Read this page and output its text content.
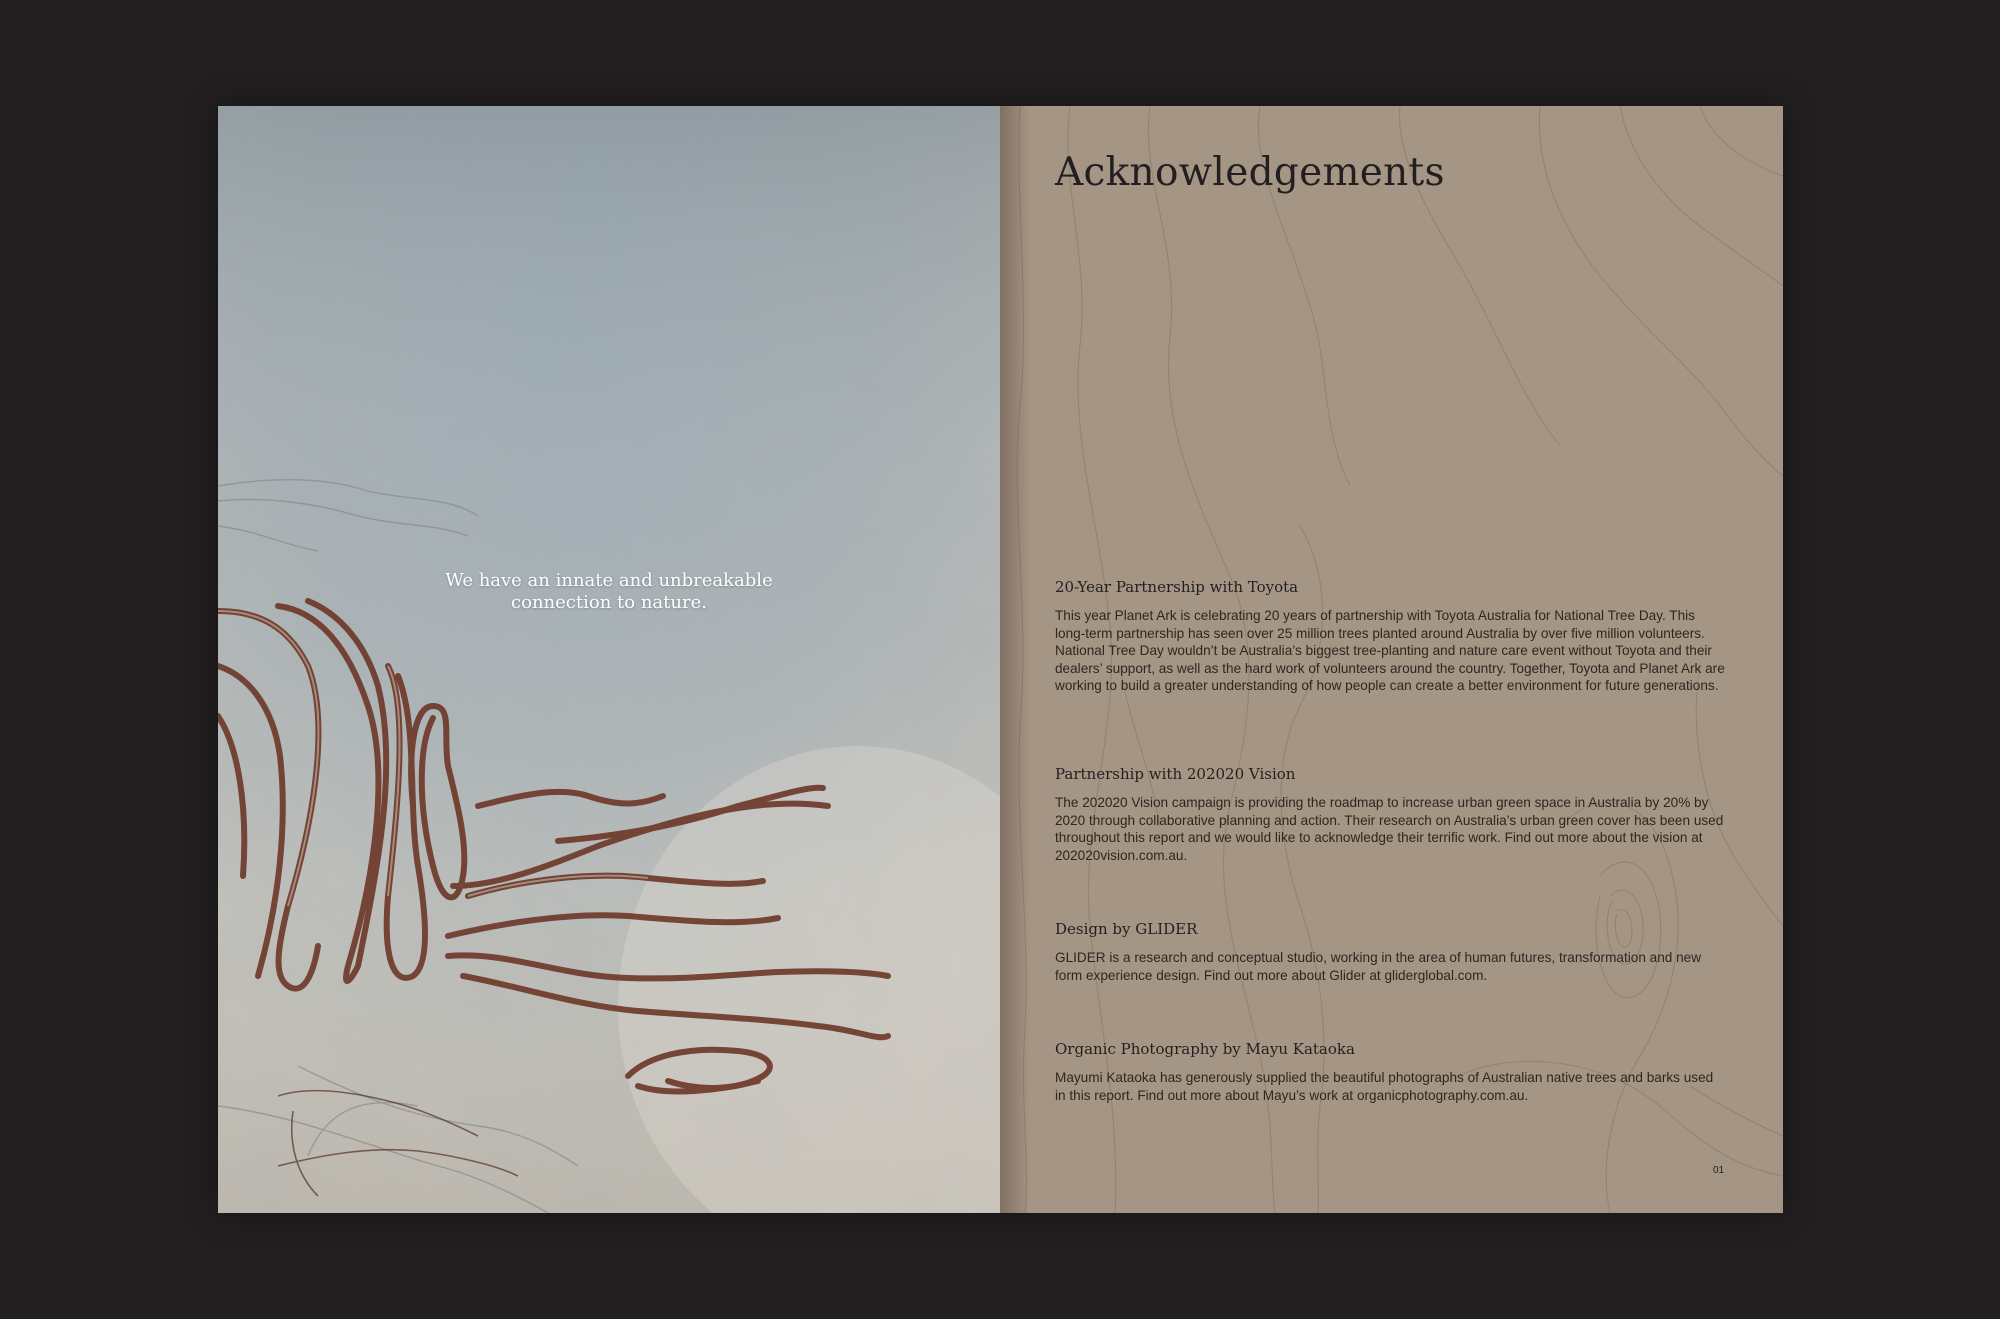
We have an innate and unbreakable
connection to nature.
Acknowledgements
20-Year Partnership with Toyota

This year Planet Ark is celebrating 20 years of partnership with Toyota Australia for National Tree Day. This long-term partnership has seen over 25 million trees planted around Australia by over five million volunteers. National Tree Day wouldn’t be Australia’s biggest tree-planting and nature care event without Toyota and their dealers’ support, as well as the hard work of volunteers around the country. Together, Toyota and Planet Ark are working to build a greater understanding of how people can create a better environment for future generations.

Partnership with 202020 Vision

The 202020 Vision campaign is providing the roadmap to increase urban green space in Australia by 20% by 2020 through collaborative planning and action. Their research on Australia’s urban green cover has been used throughout this report and we would like to acknowledge their terrific work. Find out more about the vision at 202020vision.com.au.

Design by GLIDER

GLIDER is a research and conceptual studio, working in the area of human futures, transformation and new form experience design. Find out more about Glider at gliderglobal.com.

Organic Photography by Mayu Kataoka

Mayumi Kataoka has generously supplied the beautiful photographs of Australian native trees and barks used in this report. Find out more about Mayu’s work at organicphotography.com.au.

01
